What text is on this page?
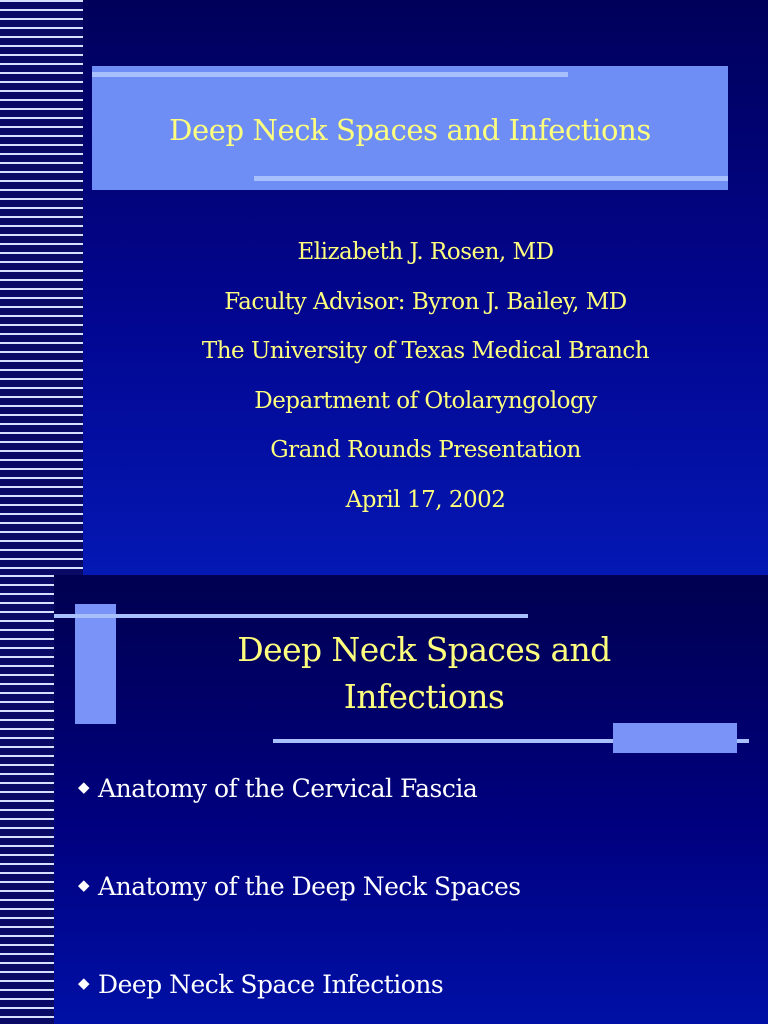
Deep Neck Spaces and Infections
Elizabeth J. Rosen, MD
Faculty Advisor: Byron J. Bailey, MD
The University of Texas Medical Branch
Department of Otolaryngology
Grand Rounds Presentation
April 17, 2002
Deep Neck Spaces and
Infections
◆ Anatomy of the Cervical Fascia
◆ Anatomy of the Deep Neck Spaces
◆ Deep Neck Space Infections
